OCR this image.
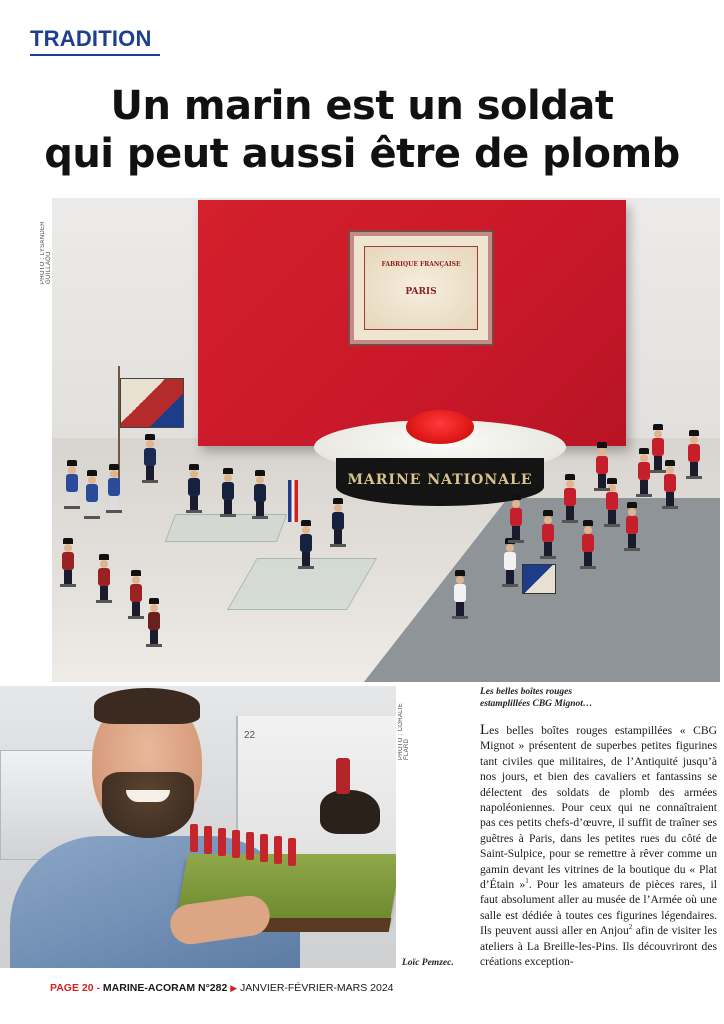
TRADITION
Un marin est un soldat
qui peut aussi être de plomb
PHOTO : LYSANDER GUILLAOU	FABRIQUE FRANÇAISE
PARIS
MARINE NATIONALE
22	PHOTO : CORALIE FLARD
Les belles boîtes rouges
estamplillées CBG Mignot…
Les belles boîtes rouges estampillées « CBG Mignot » présentent de superbes petites figurines tant civiles que militaires, de l’Antiquité jusqu’à nos jours, et bien des cavaliers et fantassins se délectent des soldats de plomb des armées napoléoniennes. Pour ceux qui ne connaîtraient pas ces petits chefs-d’œuvre, il suffit de traîner ses guêtres à Paris, dans les petites rues du côté de Saint-Sulpice, pour se remettre à rêver comme un gamin devant les vitrines de la boutique du « Plat d’Étain »$^1$. Pour les amateurs de pièces rares, il faut absolument aller au musée de l’Armée où une salle est dédiée à toutes ces figurines légendaires. Ils peuvent aussi aller en Anjou$^2$ afin de visiter les ateliers à La Breille-les-Pins. Ils découvriront des créations exception-
Loïc Pemzec.
PAGE 20 - MARINE-ACORAM N°282 ▶ JANVIER-FÉVRIER-MARS 2024
